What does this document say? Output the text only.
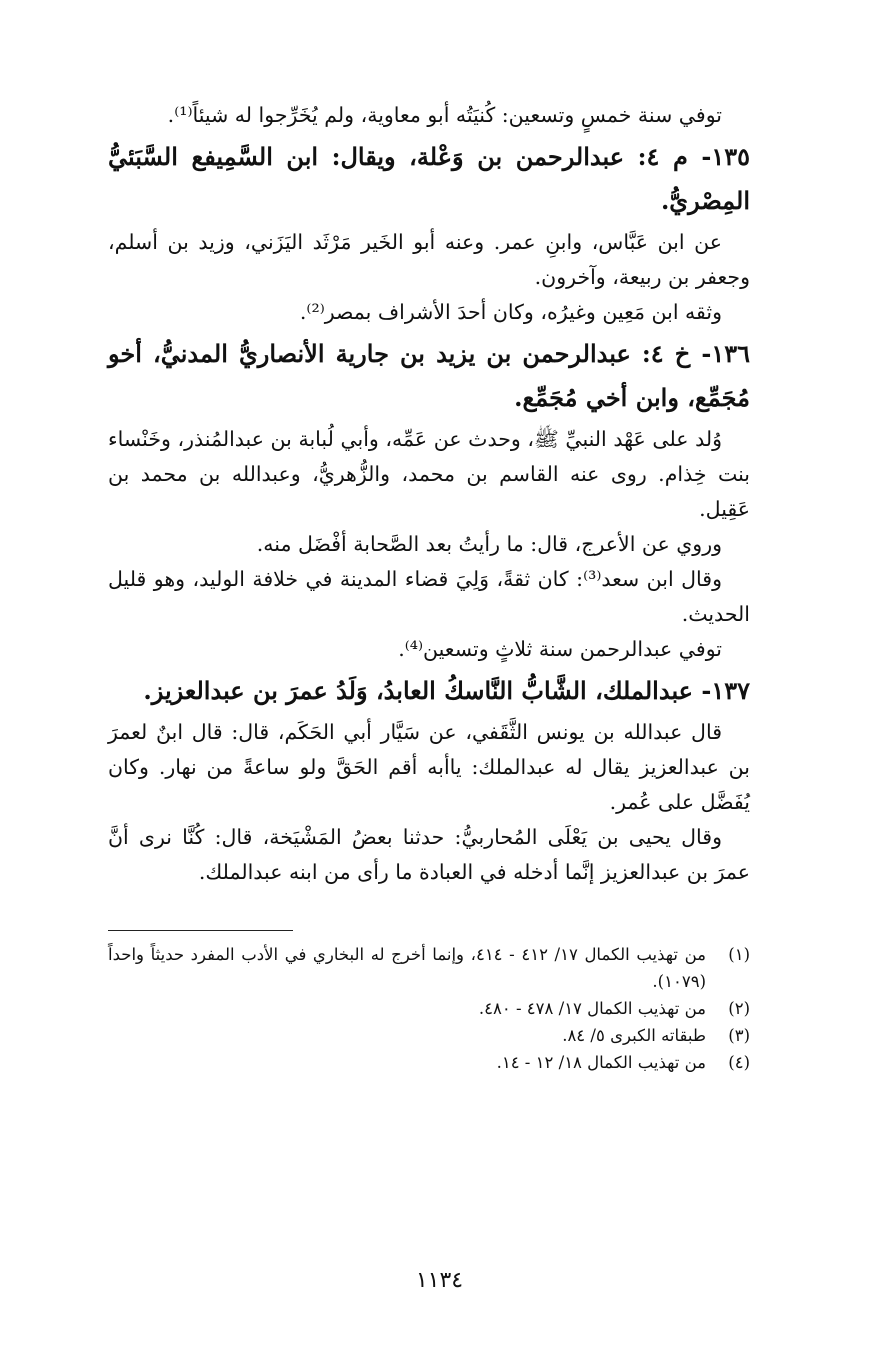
توفي سنة خمسٍ وتسعين: كُنيَتُه أبو معاوية، ولم يُخَرِّجوا له شيئاً⁽¹⁾.

١٣٥- م ٤: عبدالرحمن بن وَعْلة، ويقال: ابن السَّمِيفع السَّبَئيُّ المِصْريُّ.

عن ابن عَبَّاس، وابنِ عمر. وعنه أبو الخَير مَرْثَد اليَزَني، وزيد بن أسلم، وجعفر بن ربيعة، وآخرون.

وثقه ابن مَعِين وغيرُه، وكان أحدَ الأشراف بمصر⁽²⁾.

١٣٦- خ ٤: عبدالرحمن بن يزيد بن جارية الأنصاريُّ المدنيُّ، أخو مُجَمِّع، وابن أخي مُجَمِّع.

وُلد على عَهْد النبيِّ ﷺ، وحدث عن عَمِّه، وأبي لُبابة بن عبدالمُنذر، وخَنْساء بنت خِذام. روى عنه القاسم بن محمد، والزُّهريُّ، وعبدالله بن محمد بن عَقِيل.

وروي عن الأعرج، قال: ما رأيتُ بعد الصَّحابة أفْضَل منه.

وقال ابن سعد⁽³⁾: كان ثقةً، وَلِيَ قضاء المدينة في خلافة الوليد، وهو قليل الحديث.

توفي عبدالرحمن سنة ثلاثٍ وتسعين⁽⁴⁾.

١٣٧- عبدالملك، الشَّابُّ النَّاسكُ العابدُ، وَلَدُ عمرَ بن عبدالعزيز.

قال عبدالله بن يونس الثَّقَفي، عن سَيَّار أبي الحَكَم، قال: قال ابنٌ لعمرَ بن عبدالعزيز يقال له عبدالملك: ياأبه أقم الحَقَّ ولو ساعةً من نهار. وكان يُفَضَّل على عُمر.

وقال يحيى بن يَعْلَى المُحاربيُّ: حدثنا بعضُ المَشْيَخة، قال: كُنَّا نرى أنَّ عمرَ بن عبدالعزيز إنَّما أدخله في العبادة ما رأى من ابنه عبدالملك.

(١)
من تهذيب الكمال ١٧/ ٤١٢ - ٤١٤، وإنما أخرج له البخاري في الأدب المفرد حديثاً واحداً (١٠٧٩).
(٢)
من تهذيب الكمال ١٧/ ٤٧٨ - ٤٨٠.
(٣)
طبقاته الكبرى ٥/ ٨٤.
(٤)
من تهذيب الكمال ١٨/ ١٢ - ١٤.
١١٣٤
